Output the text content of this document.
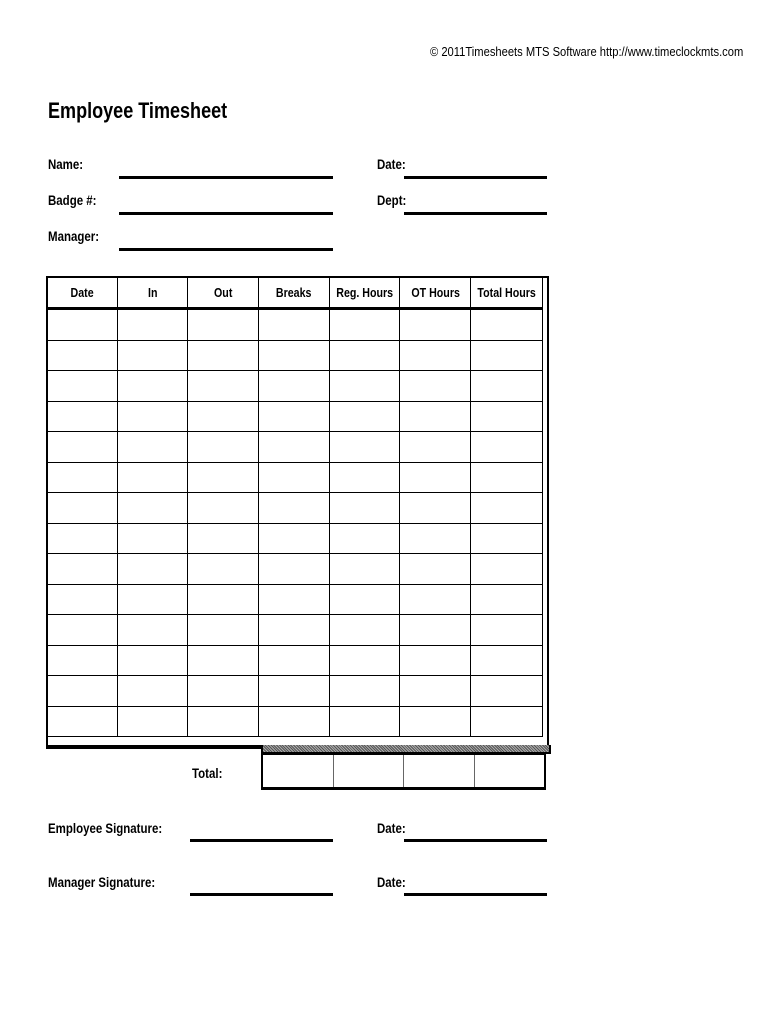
© 2011Timesheets MTS Software http://www.timeclockmts.com
Employee Timesheet
Name:
Badge #:
Manager:
Date:
Dept:
Date	In	Out	Breaks	Reg. Hours	OT Hours	Total Hours

Total:

Employee Signature:	Date:
Manager Signature:	Date:
